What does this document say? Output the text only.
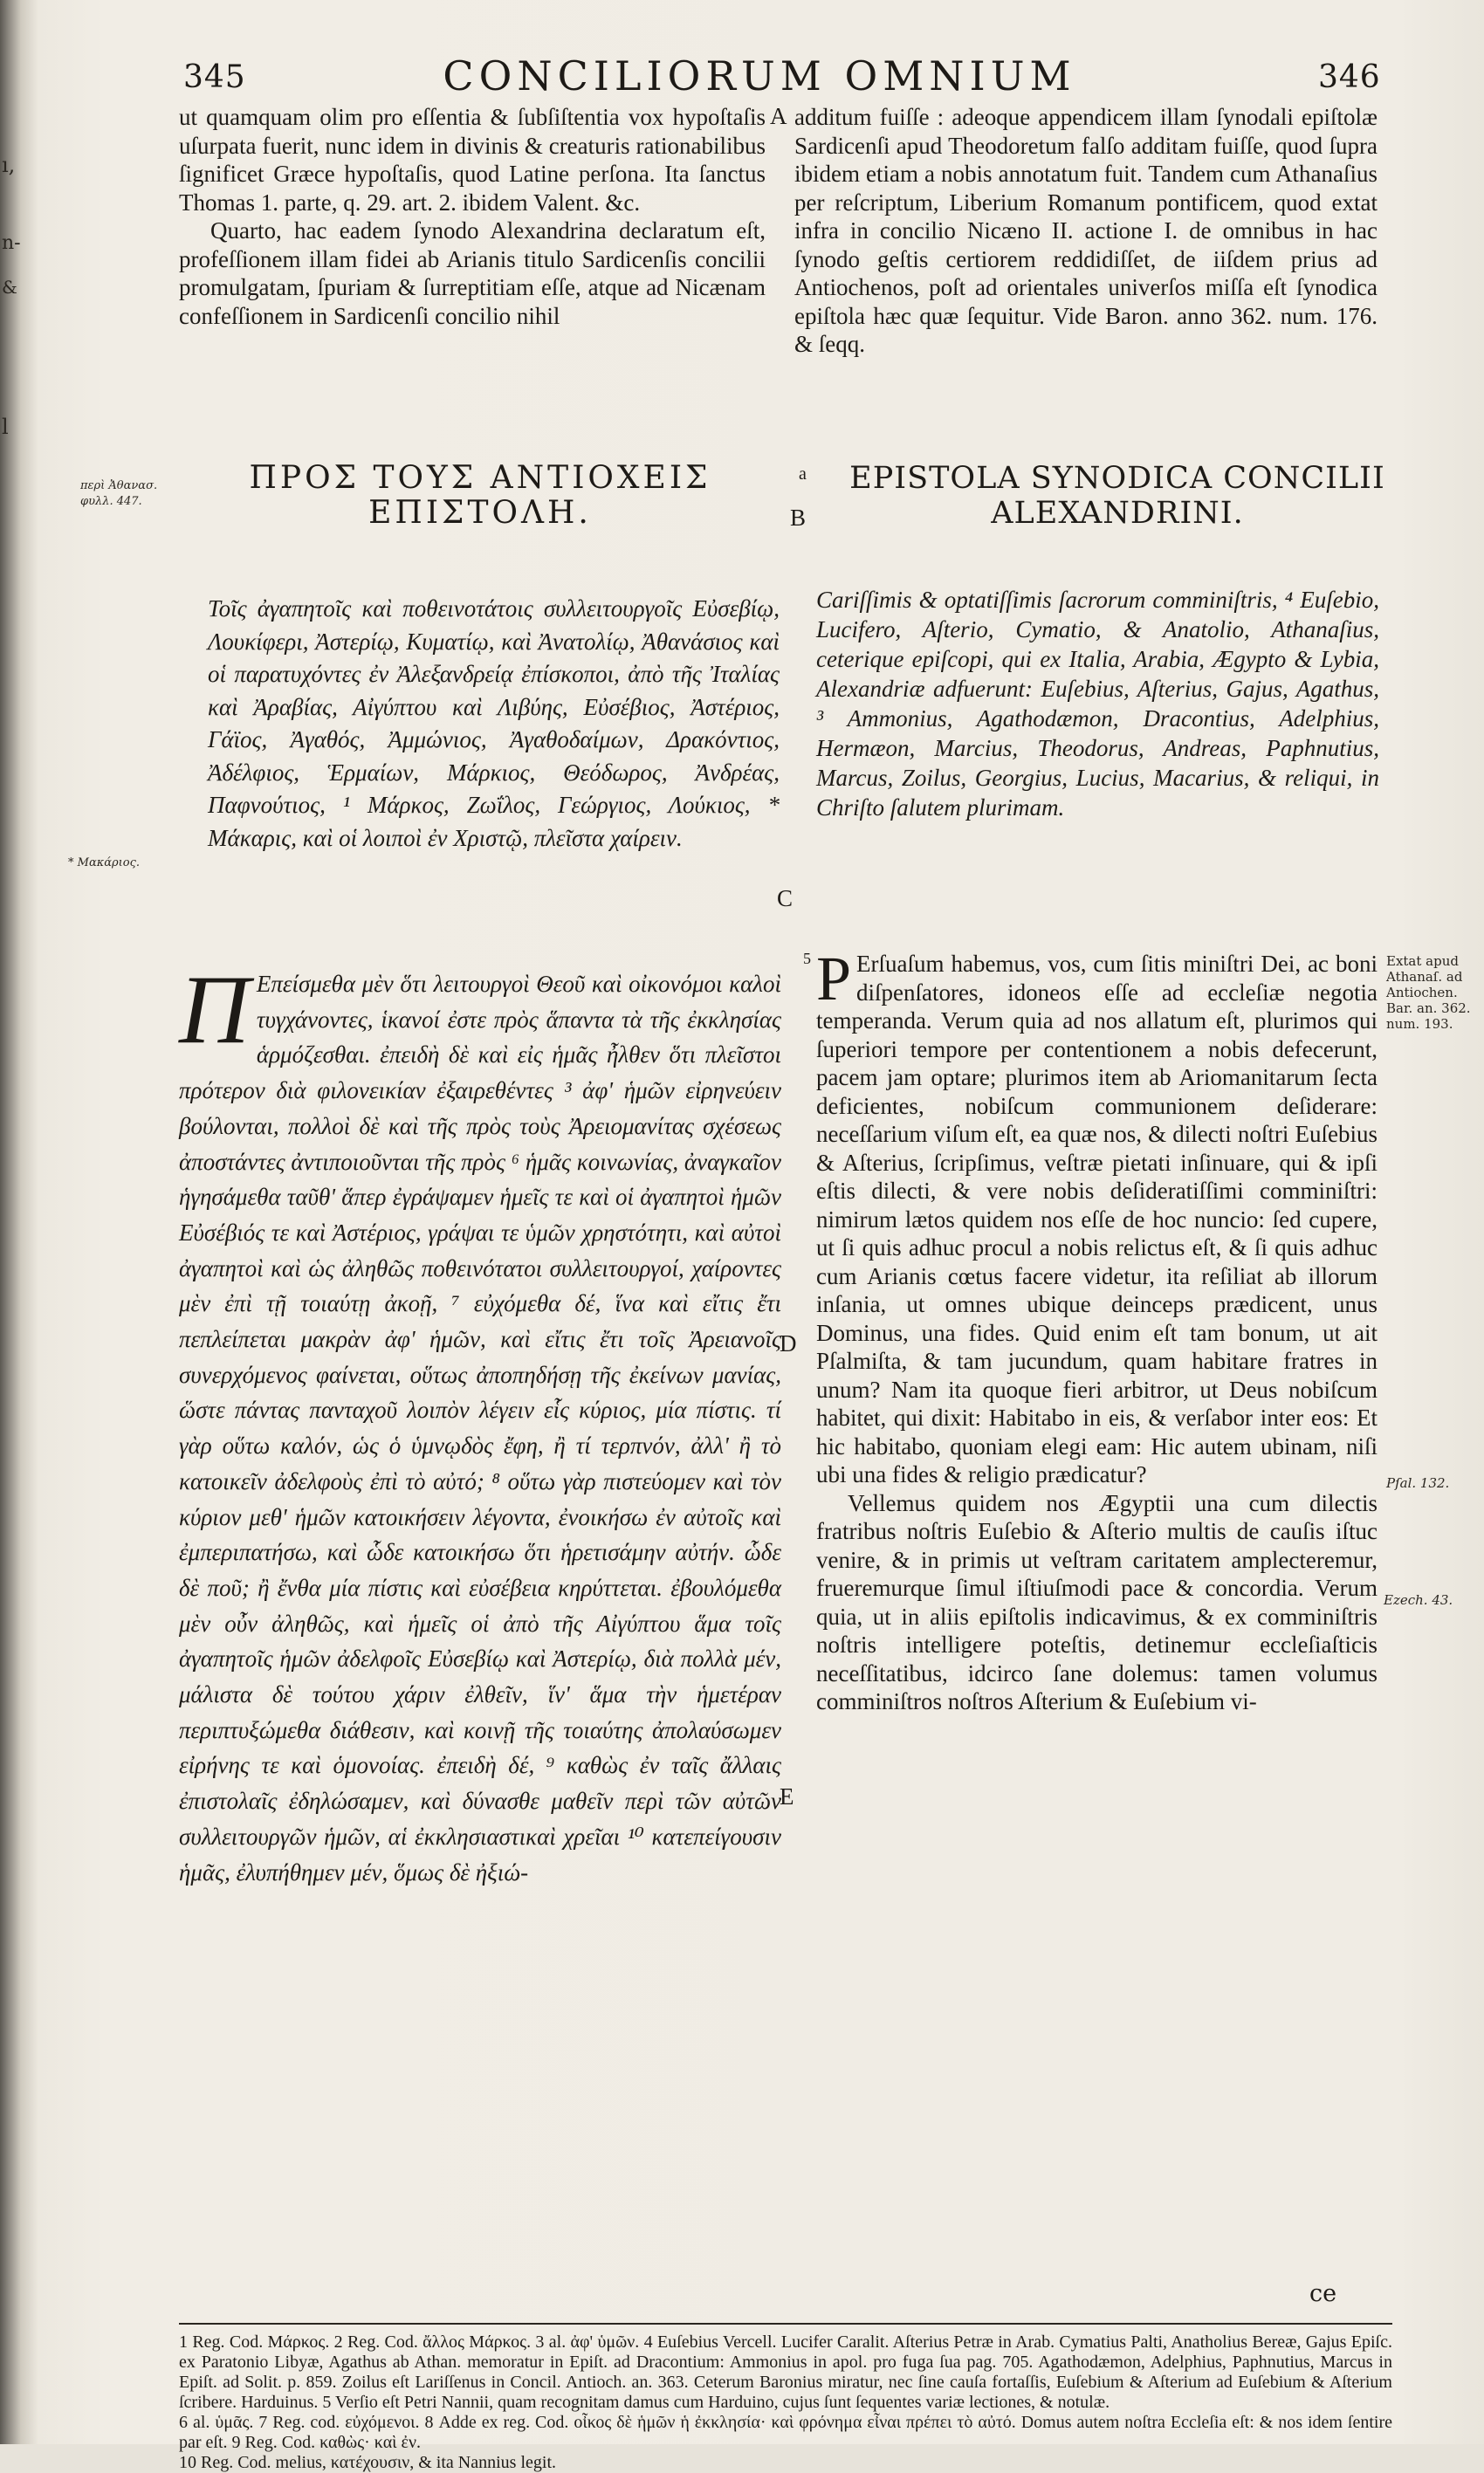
ı,
n-
&
l
345	CONCILIORUM OMNIUM	346

ut quamquam olim pro eſſentia & ſubſiſtentia vox hypoſtaſis uſurpata fuerit, nunc idem in divinis & creaturis rationabilibus ſignificet Græce hypoſtaſis, quod Latine perſona. Ita ſanctus Thomas 1. parte, q. 29. art. 2. ibidem Valent. &c.

Quarto, hac eadem ſynodo Alexandrina declaratum eſt, profeſſionem illam fidei ab Arianis titulo Sardicenſis concilii promulgatam, ſpuriam & ſurreptitiam eſſe, atque ad Nicænam confeſſionem in Sardicenſi concilio nihil

A additum fuiſſe : adeoque appendicem illam ſynodali epiſtolæ Sardicenſi apud Theodoretum falſo additam fuiſſe, quod ſupra ibidem etiam a nobis annotatum fuit. Tandem cum Athanaſius per reſcriptum, Liberium Romanum pontificem, quod extat infra in concilio Nicæno II. actione I. de omnibus in hac ſynodo geſtis certiorem reddidiſſet, de iiſdem prius ad Antiochenos, poſt ad orientales univerſos miſſa eſt ſynodica epiſtola hæc quæ ſequitur. Vide Baron. anno 362. num. 176. & ſeqq.

περὶ Ἀθανασ. φυλλ. 447.
ΠΡΟΣ ΤΟΥΣ ΑΝΤΙΟΧΕΙΣ
ΕΠΙΣΤΟΛΗ.	B
a	EPISTOLA SYNODICA CONCILII
ALEXANDRINI.

Τοῖς ἀγαπητοῖς καὶ ποθεινοτάτοις συλλειτουργοῖς Εὐσεβίῳ, Λουκίφερι, Ἀστερίῳ, Κυματίῳ, καὶ Ἀνατολίῳ, Ἀθανάσιος καὶ οἱ παρατυχόντες ἐν Ἀλεξανδρείᾳ ἐπίσκοποι, ἀπὸ τῆς Ἰταλίας καὶ Ἀραβίας, Αἰγύπτου καὶ Λιβύης, Εὐσέβιος, Ἀστέριος, Γάϊος, Ἀγαθός, Ἀμμώνιος, Ἀγαθοδαίμων, Δρακόντιος, Ἀδέλφιος, Ἑρμαίων, Μάρκιος, Θεόδωρος, Ἀνδρέας, Παφνούτιος, ¹ Μάρκος, Ζωΐλος, Γεώργιος, Λούκιος, * Μάκαρις, καὶ οἱ λοιποὶ ἐν Χριστῷ, πλεῖστα χαίρειν.

* Μακάριος.

Cariſſimis & optatiſſimis ſacrorum comminiſtris, ⁴ Euſebio, Lucifero, Aſterio, Cymatio, & Anatolio, Athanaſius, ceterique epiſcopi, qui ex Italia, Arabia, Ægypto & Lybia, Alexandriæ adfuerunt: Euſebius, Aſterius, Gajus, Agathus, ³ Ammonius, Agathodæmon, Dracontius, Adelphius, Hermæon, Marcius, Theodorus, Andreas, Paphnutius, Marcus, Zoilus, Georgius, Lucius, Macarius, & reliqui, in Chriſto ſalutem plurimam.

C

Π Επείσμεθα μὲν ὅτι λειτουργοὶ Θεοῦ καὶ οἰκονόμοι καλοὶ τυγχάνοντες, ἱκανοί ἐστε πρὸς ἅπαντα τὰ τῆς ἐκκλησίας ἁρμόζεσθαι. ἐπειδὴ δὲ καὶ εἰς ἡμᾶς ἦλθεν ὅτι πλεῖστοι πρότερον διὰ φιλονεικίαν ἐξαιρεθέντες ³ ἀφ' ἡμῶν εἰρηνεύειν βούλονται, πολλοὶ δὲ καὶ τῆς πρὸς τοὺς Ἀρειομανίτας σχέσεως ἀποστάντες ἀντιποιοῦνται τῆς πρὸς ⁶ ἡμᾶς κοινωνίας, ἀναγκαῖον ἡγησάμεθα ταῦθ' ἅπερ ἐγράψαμεν ἡμεῖς τε καὶ οἱ ἀγαπητοὶ ἡμῶν Εὐσέβιός τε καὶ Ἀστέριος, γράψαι τε ὑμῶν χρηστότητι, καὶ αὐτοὶ ἀγαπητοὶ καὶ ὡς ἀληθῶς ποθεινότατοι συλλειτουργοί, χαίροντες μὲν ἐπὶ τῇ τοιαύτῃ ἀκοῇ, ⁷ εὐχόμεθα δέ, ἵνα καὶ εἴτις ἔτι πεπλείπεται μακρὰν ἀφ' ἡμῶν, καὶ εἴτις ἔτι τοῖς Ἀρειανοῖς συνερχόμενος φαίνεται, οὕτως ἀποπηδήσῃ τῆς ἐκείνων μανίας, ὥστε πάντας πανταχοῦ λοιπὸν λέγειν εἷς κύριος, μία πίστις. τί γὰρ οὕτω καλόν, ὡς ὁ ὑμνῳδὸς ἔφη, ἢ τί τερπνόν, ἀλλ' ἢ τὸ κατοικεῖν ἀδελφοὺς ἐπὶ τὸ αὐτό; ⁸ οὕτω γὰρ πιστεύομεν καὶ τὸν κύριον μεθ' ἡμῶν κατοικήσειν λέγοντα, ἐνοικήσω ἐν αὐτοῖς καὶ ἐμπεριπατήσω, καὶ ὧδε κατοικήσω ὅτι ἡρετισάμην αὐτήν. ὧδε δὲ ποῦ; ἢ ἔνθα μία πίστις καὶ εὐσέβεια κηρύττεται. ἐβουλόμεθα μὲν οὖν ἀληθῶς, καὶ ἡμεῖς οἱ ἀπὸ τῆς Αἰγύπτου ἅμα τοῖς ἀγαπητοῖς ἡμῶν ἀδελφοῖς Εὐσεβίῳ καὶ Ἀστερίῳ, διὰ πολλὰ μέν, μάλιστα δὲ τούτου χάριν ἐλθεῖν, ἵν' ἅμα τὴν ἡμετέραν περιπτυξώμεθα διάθεσιν, καὶ κοινῇ τῆς τοιαύτης ἀπολαύσωμεν εἰρήνης τε καὶ ὁμονοίας. ἐπειδὴ δέ, ⁹ καθὼς ἐν ταῖς ἄλλαις ἐπιστολαῖς ἐδηλώσαμεν, καὶ δύνασθε μαθεῖν περὶ τῶν αὐτῶν συλλειτουργῶν ἡμῶν, αἱ ἐκκλησιαστικαὶ χρεῖαι ¹⁰ κατεπείγουσιν ἡμᾶς, ἐλυπήθημεν μέν, ὅμως δὲ ἠξιώ-

D
E
5 P Erſuaſum habemus, vos, cum ſitis miniſtri Dei, ac boni diſpenſatores, idoneos eſſe ad eccleſiæ negotia temperanda. Verum quia ad nos allatum eſt, plurimos qui ſuperiori tempore per contentionem a nobis defecerunt, pacem jam optare; plurimos item ab Ariomanitarum ſecta deficientes, nobiſcum communionem deſiderare: neceſſarium viſum eſt, ea quæ nos, & dilecti noſtri Euſebius & Aſterius, ſcripſimus, veſtræ pietati inſinuare, qui & ipſi eſtis dilecti, & vere nobis deſideratiſſimi comminiſtri: nimirum lætos quidem nos eſſe de hoc nuncio: ſed cupere, ut ſi quis adhuc procul a nobis relictus eſt, & ſi quis adhuc cum Arianis cœtus facere videtur, ita reſiliat ab illorum inſania, ut omnes ubique deinceps prædicent, unus Dominus, una fides. Quid enim eſt tam bonum, ut ait Pſalmiſta, & tam jucundum, quam habitare fratres in unum? Nam ita quoque fieri arbitror, ut Deus nobiſcum habitet, qui dixit: Habitabo in eis, & verſabor inter eos: Et hic habitabo, quoniam elegi eam: Hic autem ubinam, niſi ubi una fides & religio prædicatur?

Vellemus quidem nos Ægyptii una cum dilectis fratribus noſtris Euſebio & Aſterio multis de cauſis iſtuc venire, & in primis ut veſtram caritatem amplecteremur, frueremurque ſimul iſtiuſmodi pace & concordia. Verum quia, ut in aliis epiſtolis indicavimus, & ex comminiſtris noſtris intelligere poteſtis, detinemur eccleſiaſticis neceſſitatibus, idcirco ſane dolemus: tamen volumus comminiſtros noſtros Aſterium & Euſebium vi-

ce
Extat apud Athanaſ. ad Antiochen. Bar. an. 362. num. 193.
Pſal. 132.
Ezech. 43.

1 Reg. Cod. Μάρκος. 2 Reg. Cod. ἄλλος Μάρκος. 3 al. ἀφ' ὑμῶν. 4 Euſebius Vercell. Lucifer Caralit. Aſterius Petræ in Arab. Cymatius Palti, Anatholius Bereæ, Gajus Epiſc. ex Paratonio Libyæ, Agathus ab Athan. memoratur in Epiſt. ad Dracontium: Ammonius in apol. pro fuga ſua pag. 705. Agathodæmon, Adelphius, Paphnutius, Marcus in Epiſt. ad Solit. p. 859. Zoilus eſt Lariſſenus in Concil. Antioch. an. 363. Ceterum Baronius miratur, nec ſine cauſa fortaſſis, Euſebium & Aſterium ad Euſebium & Aſterium ſcribere. Harduinus. 5 Verſio eſt Petri Nannii, quam recognitam damus cum Harduino, cujus ſunt ſequentes variæ lectiones, & notulæ.

6 al. ὑμᾶς. 7 Reg. cod. εὐχόμενοι. 8 Adde ex reg. Cod. οἶκος δὲ ἡμῶν ἡ ἐκκλησία· καὶ φρόνημα εἶναι πρέπει τὸ αὐτό. Domus autem noſtra Eccleſia eſt: & nos idem ſentire par eſt. 9 Reg. Cod. καθὼς· καὶ ἐν.

10 Reg. Cod. melius, κατέχουσιν, & ita Nannius legit.
